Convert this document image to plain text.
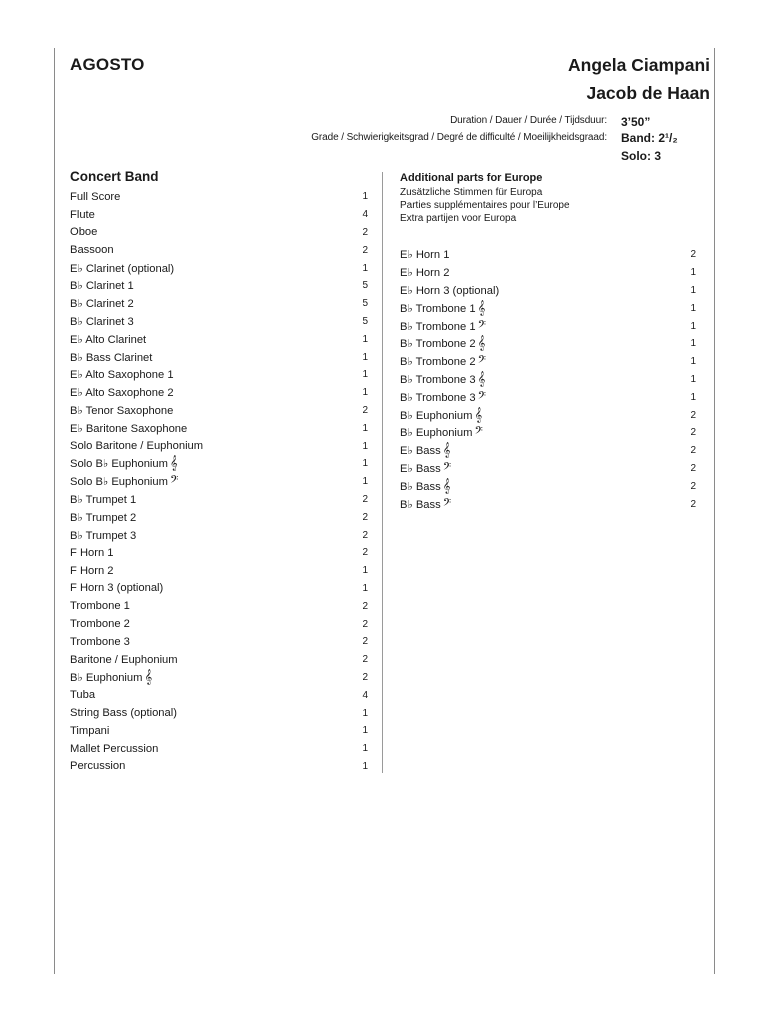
AGOSTO	Angela Ciampani
Jacob de Haan
Duration / Dauer / Durée / Tijdsduur:
Grade / Schwierigkeitsgrad / Degré de difficulté / Moeilijkheidsgraad:
3’50”
Band: 2¹/₂
Solo: 3
Concert Band
Full Score	1
Flute	4
Oboe	2
Bassoon	2
E♭ Clarinet (optional)	1
B♭ Clarinet 1	5
B♭ Clarinet 2	5
B♭ Clarinet 3	5
E♭ Alto Clarinet	1
B♭ Bass Clarinet	1
E♭ Alto Saxophone 1	1
E♭ Alto Saxophone 2	1
B♭ Tenor Saxophone	2
E♭ Baritone Saxophone	1
Solo Baritone / Euphonium	1
Solo B♭ Euphonium 𝄞	1
Solo B♭ Euphonium 𝄢	1
B♭ Trumpet 1	2
B♭ Trumpet 2	2
B♭ Trumpet 3	2
F Horn 1	2
F Horn 2	1
F Horn 3 (optional)	1
Trombone 1	2
Trombone 2	2
Trombone 3	2
Baritone / Euphonium	2
B♭ Euphonium 𝄞	2
Tuba	4
String Bass (optional)	1
Timpani	1
Mallet Percussion	1
Percussion	1
Additional parts for Europe
Zusätzliche Stimmen für Europa
Parties supplémentaires pour l’Europe
Extra partijen voor Europa
E♭ Horn 1	2
E♭ Horn 2	1
E♭ Horn 3 (optional)	1
B♭ Trombone 1 𝄞	1
B♭ Trombone 1 𝄢	1
B♭ Trombone 2 𝄞	1
B♭ Trombone 2 𝄢	1
B♭ Trombone 3 𝄞	1
B♭ Trombone 3 𝄢	1
B♭ Euphonium 𝄞	2
B♭ Euphonium 𝄢	2
E♭ Bass 𝄞	2
E♭ Bass 𝄢	2
B♭ Bass 𝄞	2
B♭ Bass 𝄢	2
